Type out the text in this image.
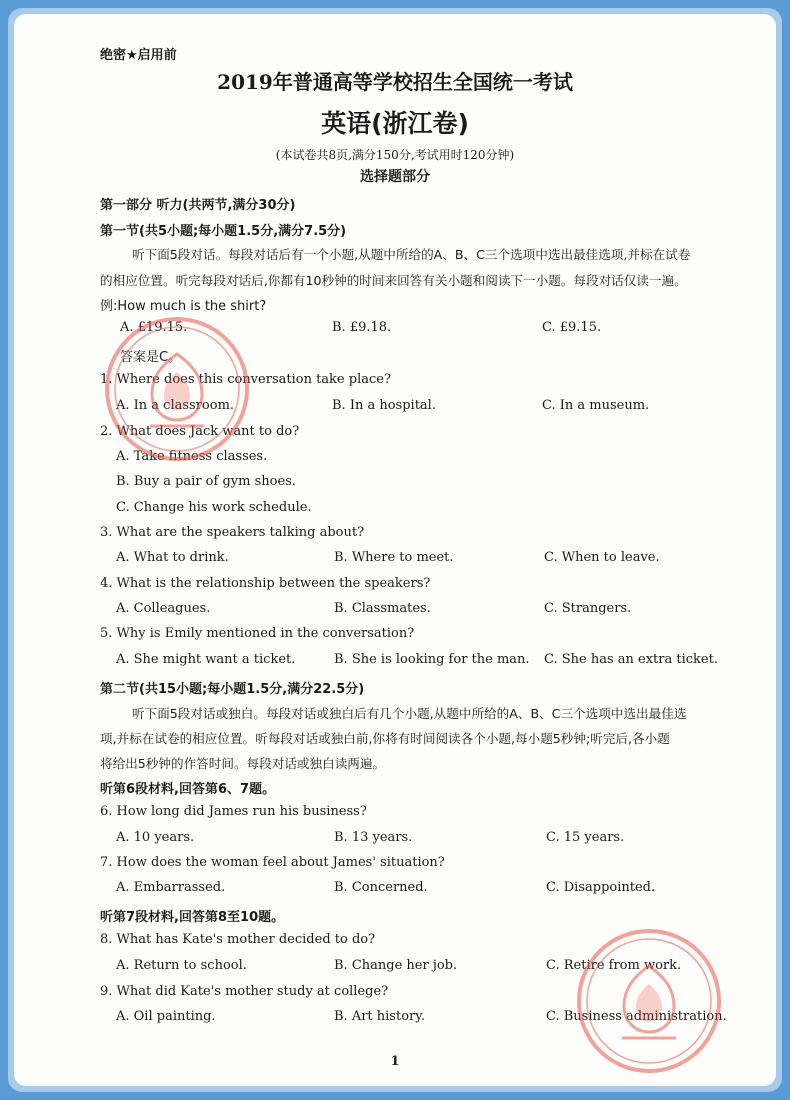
绝密★启用前
2019年普通高等学校招生全国统一考试
英语(浙江卷)
(本试卷共8页,满分150分,考试用时120分钟)
选择题部分
第一部分 听力(共两节,满分30分)
第一节(共5小题;每小题1.5分,满分7.5分)
听下面5段对话。每段对话后有一个小题,从题中所给的A、B、C三个选项中选出最佳选项,并标在试卷
的相应位置。听完每段对话后,你都有10秒钟的时间来回答有关小题和阅读下一小题。每段对话仅读一遍。
例:How much is the shirt?
A. £19.15.	B. £9.18.	C. £9.15.
答案是C。
1. Where does this conversation take place?
A. In a classroom.	B. In a hospital.	C. In a museum.
2. What does Jack want to do?
A. Take fitness classes.
B. Buy a pair of gym shoes.
C. Change his work schedule.
3. What are the speakers talking about?
A. What to drink.	B. Where to meet.	C. When to leave.
4. What is the relationship between the speakers?
A. Colleagues.	B. Classmates.	C. Strangers.
5. Why is Emily mentioned in the conversation?
A. She might want a ticket.	B. She is looking for the man. C. She has an extra ticket.
第二节(共15小题;每小题1.5分,满分22.5分)
听下面5段对话或独白。每段对话或独白后有几个小题,从题中所给的A、B、C三个选项中选出最佳选
项,并标在试卷的相应位置。听每段对话或独白前,你将有时间阅读各个小题,每小题5秒钟;听完后,各小题
将给出5秒钟的作答时间。每段对话或独白读两遍。
听第6段材料,回答第6、7题。
6. How long did James run his business?
A. 10 years.	B. 13 years.	C. 15 years.
7. How does the woman feel about James' situation?
A. Embarrassed.	B. Concerned.	C. Disappointed.
听第7段材料,回答第8至10题。
8. What has Kate's mother decided to do?
A. Return to school.	B. Change her job.	C. Retire from work.
9. What did Kate's mother study at college?
A. Oil painting.	B. Art history.	C. Business administration.
1
